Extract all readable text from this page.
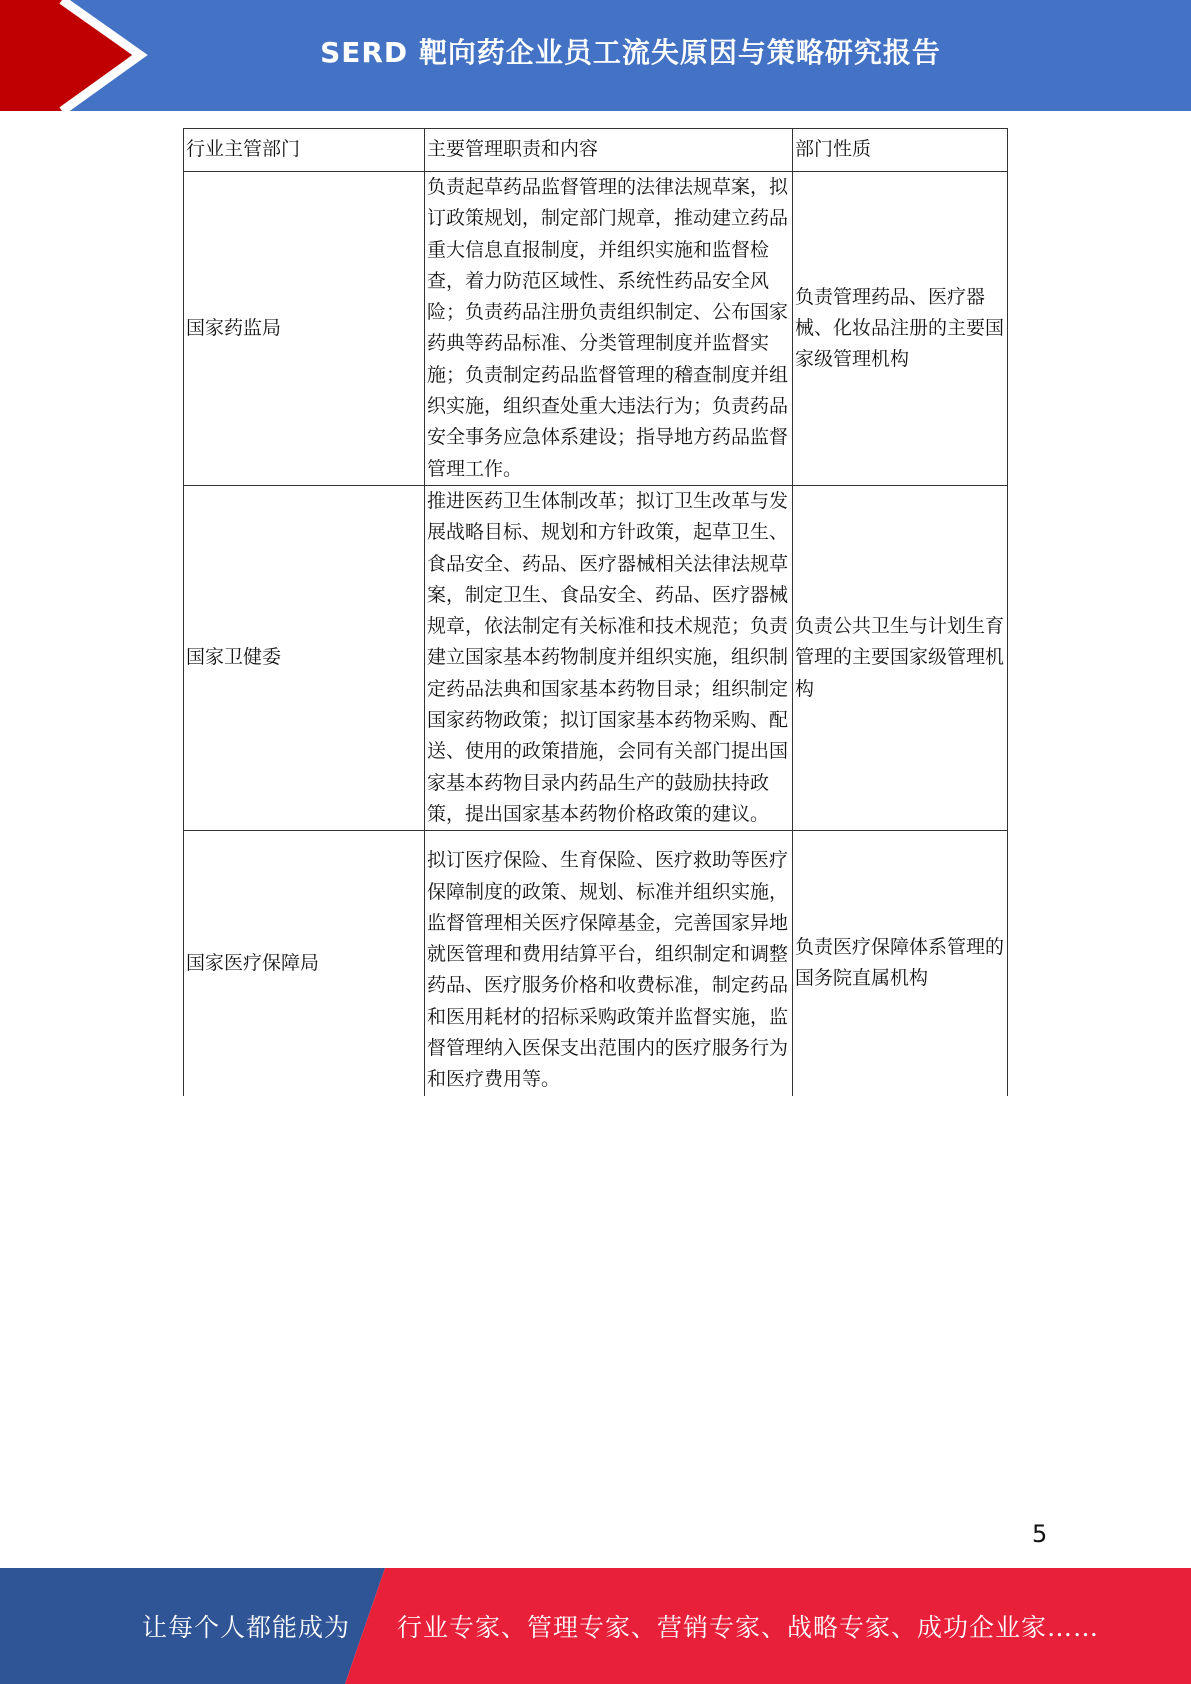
SERD 靶向药企业员工流失原因与策略研究报告
行业主管部门	主要管理职责和内容	部门性质
国家药监局	负责起草药品监督管理的法律法规草案，拟订政策规划，制定部门规章，推动建立药品重大信息直报制度，并组织实施和监督检查，着力防范区域性、系统性药品安全风险；负责药品注册负责组织制定、公布国家药典等药品标准、分类管理制度并监督实施；负责制定药品监督管理的稽查制度并组织实施，组织查处重大违法行为；负责药品安全事务应急体系建设；指导地方药品监督管理工作。	负责管理药品、医疗器械、化妆品注册的主要国家级管理机构
国家卫健委	推进医药卫生体制改革；拟订卫生改革与发展战略目标、规划和方针政策，起草卫生、食品安全、药品、医疗器械相关法律法规草案，制定卫生、食品安全、药品、医疗器械规章，依法制定有关标准和技术规范；负责建立国家基本药物制度并组织实施，组织制定药品法典和国家基本药物目录；组织制定国家药物政策；拟订国家基本药物采购、配送、使用的政策措施，会同有关部门提出国家基本药物目录内药品生产的鼓励扶持政策，提出国家基本药物价格政策的建议。	负责公共卫生与计划生育管理的主要国家级管理机构
国家医疗保障局	拟订医疗保险、生育保险、医疗救助等医疗保障制度的政策、规划、标准并组织实施，监督管理相关医疗保障基金，完善国家异地就医管理和费用结算平台，组织制定和调整药品、医疗服务价格和收费标准，制定药品和医用耗材的招标采购政策并监督实施，监督管理纳入医保支出范围内的医疗服务行为和医疗费用等。	负责医疗保障体系管理的国务院直属机构
5
让每个人都能成为 行业专家、管理专家、营销专家、战略专家、成功企业家……
